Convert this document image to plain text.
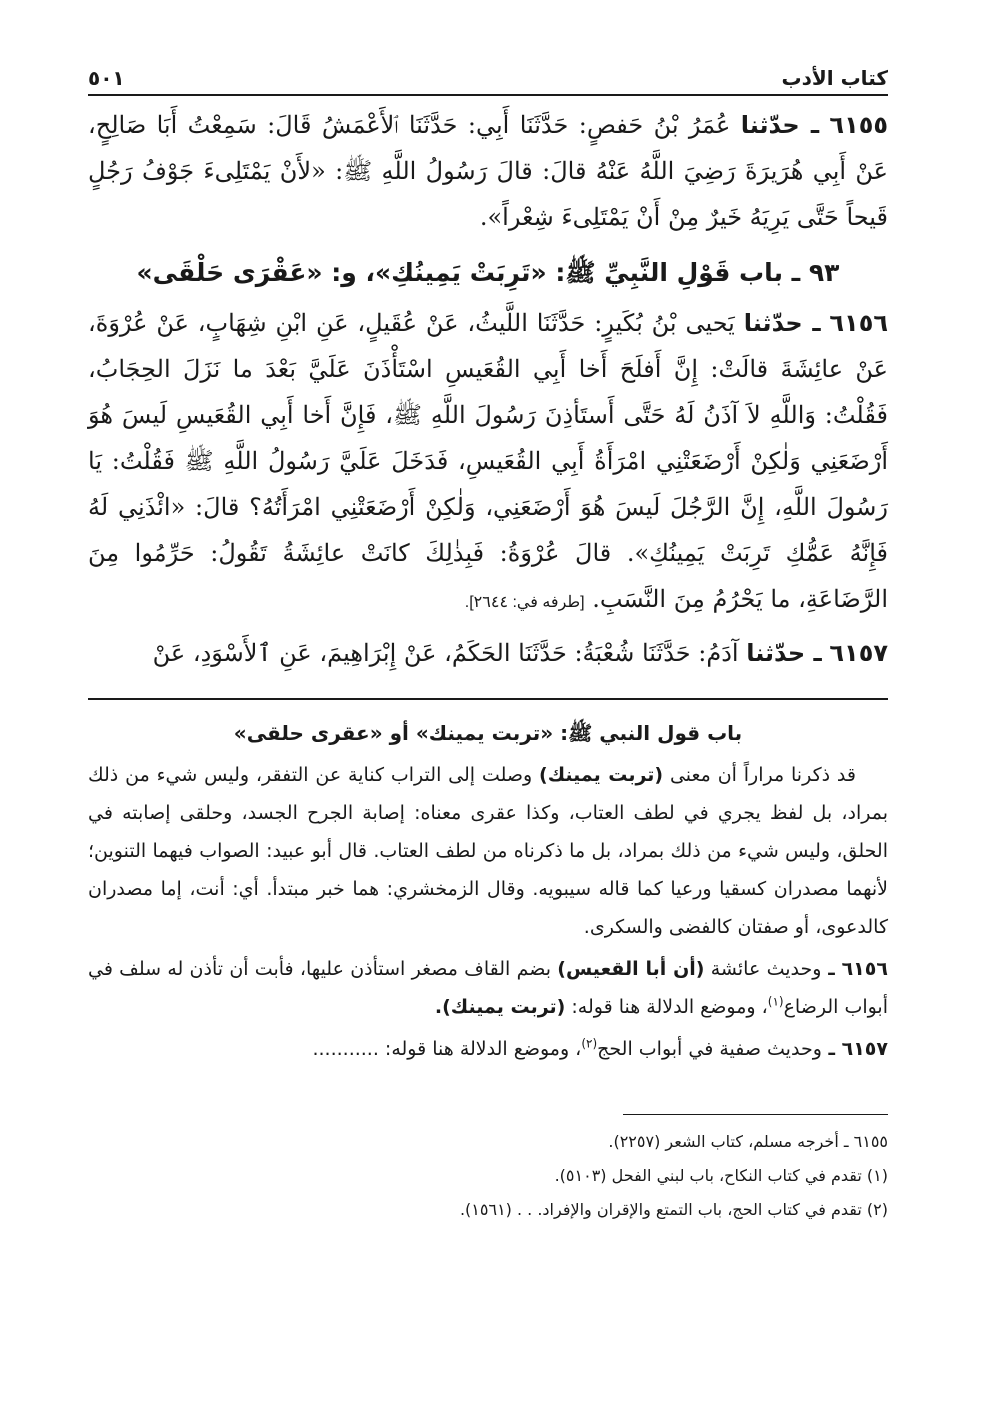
كتاب الأدب
٥٠١

٦١٥٥ ـ حدّثنا عُمَرُ بْنُ حَفصٍ: حَدَّثَنَا أَبِي: حَدَّثَنَا ٱلأَعْمَشُ قَالَ: سَمِعْتُ أَبَا صَالِحٍ، عَنْ أَبِي هُرَيرَةَ رَضِيَ اللَّهُ عَنْهُ قالَ: قالَ رَسُولُ اللَّهِ ﷺ: «لأَنْ يَمْتَلِىءَ جَوْفُ رَجُلٍ قَيحاً حَتَّى يَرِيَهُ خَيرٌ مِنْ أَنْ يَمْتَلِىءَ شِعْراً».

٩٣ ـ باب قَوْلِ النَّبِيِّ ﷺ: «تَرِبَتْ يَمِينُكِ»، و: «عَقْرَى حَلْقَى»

٦١٥٦ ـ حدّثنا يَحيى بْنُ بُكَيرٍ: حَدَّثَنَا اللَّيثُ، عَنْ عُقَيلٍ، عَنِ ابْنِ شِهَابٍ، عَنْ عُرْوَةَ، عَنْ عائِشَةَ قالَتْ: إِنَّ أَفلَحَ أَخا أَبِي القُعَيسِ اسْتَأْذَنَ عَلَيَّ بَعْدَ ما نَزَلَ الحِجَابُ، فَقُلْتُ: وَاللَّهِ لاَ آذَنُ لَهُ حَتَّى أَستَأذِنَ رَسُولَ اللَّهِ ﷺ، فَإِنَّ أَخا أَبِي القُعَيسِ لَيسَ هُوَ أَرْضَعَنِي وَلٰكِنْ أَرْضَعَتْنِي امْرَأَةُ أَبِي القُعَيسِ، فَدَخَلَ عَلَيَّ رَسُولُ اللَّهِ ﷺ فَقُلْتُ: يَا رَسُولَ اللَّهِ، إِنَّ الرَّجُلَ لَيسَ هُوَ أَرْضَعَنِي، وَلٰكِنْ أَرْضَعَتْنِي امْرَأَتُهُ؟ قالَ: «ائْذَنِي لَهُ فَإِنَّهُ عَمُّكِ تَرِبَتْ يَمِينُكِ». قالَ عُرْوَةُ: فَبِذٰلِكَ كانَتْ عائِشَةُ تَقُولُ: حَرِّمُوا مِنَ الرَّضَاعَةِ، ما يَحْرُمُ مِنَ النَّسَبِ. [طرفه في: ٢٦٤٤].

٦١٥٧ ـ حدّثنا آدَمُ: حَدَّثَنَا شُعْبَةُ: حَدَّثَنَا الحَكَمُ، عَنْ إِبْرَاهِيمَ، عَنِ ٱلأَسْوَدِ، عَنْ

باب قول النبي ﷺ: «تربت يمينك» أو «عقرى حلقى»

قد ذكرنا مراراً أن معنى (تربت يمينك) وصلت إلى التراب كناية عن التفقر، وليس شيء من ذلك بمراد، بل لفظ يجري في لطف العتاب، وكذا عقرى معناه: إصابة الجرح الجسد، وحلقى إصابته في الحلق، وليس شيء من ذلك بمراد، بل ما ذكرناه من لطف العتاب. قال أبو عبيد: الصواب فيهما التنوين؛ لأنهما مصدران كسقيا ورعيا كما قاله سيبويه. وقال الزمخشري: هما خبر مبتدأ. أي: أنت، إما مصدران كالدعوى، أو صفتان كالفضى والسكرى.

٦١٥٦ ـ وحديث عائشة (أن أبا القعيس) بضم القاف مصغر استأذن عليها، فأبت أن تأذن له سلف في أبواب الرضاع$^{(١)}$، وموضع الدلالة هنا قوله: (تربت يمينك).

٦١٥٧ ـ وحديث صفية في أبواب الحج$^{(٢)}$، وموضع الدلالة هنا قوله: ...........

٦١٥٥ ـ أخرجه مسلم، كتاب الشعر (٢٢٥٧).

(١) تقدم في كتاب النكاح، باب لبني الفحل (٥١٠٣).

(٢) تقدم في كتاب الحج، باب التمتع والإقران والإفراد. . . (١٥٦١).
